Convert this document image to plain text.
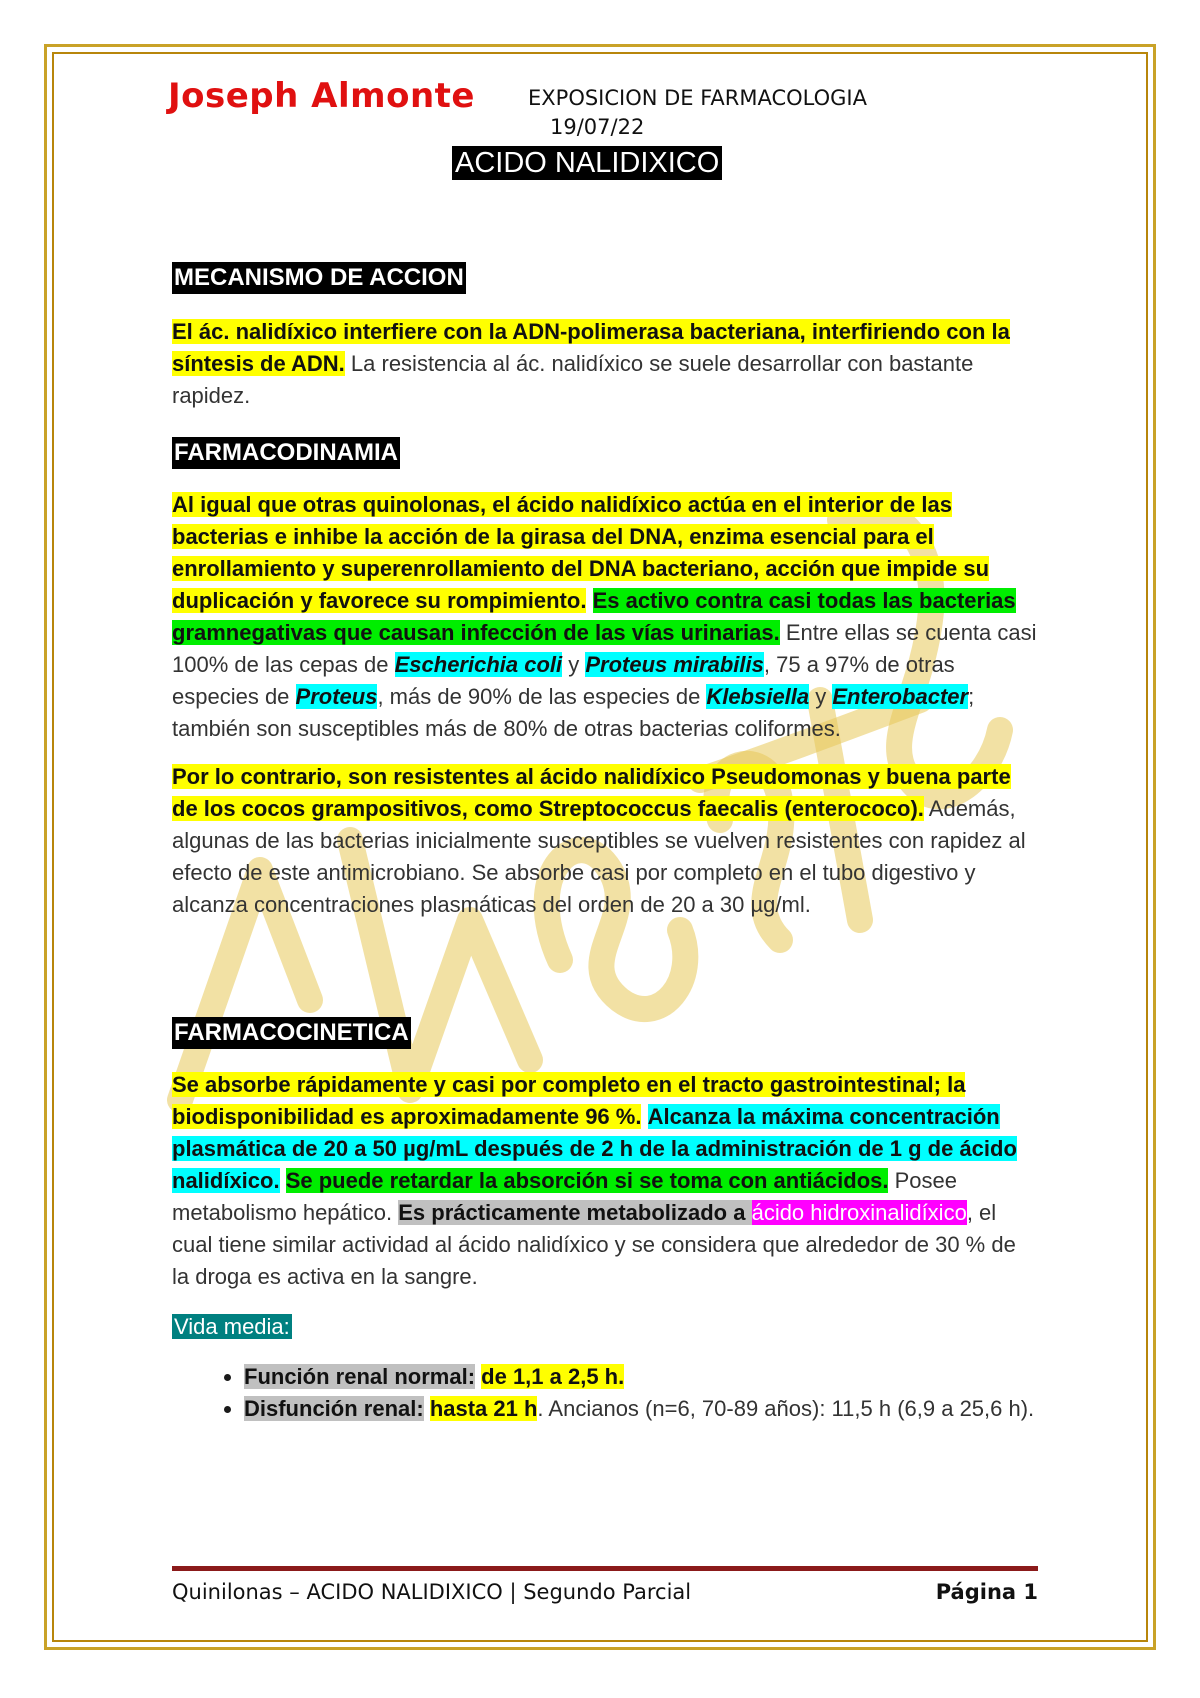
Joseph Almonte	EXPOSICION DE FARMACOLOGIA
19/07/22
ACIDO NALIDIXICO
MECANISMO DE ACCION

El ác. nalidíxico interfiere con la ADN-polimerasa bacteriana, interfiriendo con la síntesis de ADN. La resistencia al ác. nalidíxico se suele desarrollar con bastante rapidez.

FARMACODINAMIA

Al igual que otras quinolonas, el ácido nalidíxico actúa en el interior de las bacterias e inhibe la acción de la girasa del DNA, enzima esencial para el enrollamiento y superenrollamiento del DNA bacteriano, acción que impide su duplicación y favorece su rompimiento. Es activo contra casi todas las bacterias gramnegativas que causan infección de las vías urinarias. Entre ellas se cuenta casi 100% de las cepas de Escherichia coli y Proteus mirabilis, 75 a 97% de otras especies de Proteus, más de 90% de las especies de Klebsiella y Enterobacter; también son susceptibles más de 80% de otras bacterias coliformes.

Por lo contrario, son resistentes al ácido nalidíxico Pseudomonas y buena parte de los cocos grampositivos, como Streptococcus faecalis (enterococo). Además, algunas de las bacterias inicialmente susceptibles se vuelven resistentes con rapidez al efecto de este antimicrobiano. Se absorbe casi por completo en el tubo digestivo y alcanza concentraciones plasmáticas del orden de 20 a 30 µg/ml.

FARMACOCINETICA

Se absorbe rápidamente y casi por completo en el tracto gastrointestinal; la biodisponibilidad es aproximadamente 96 %. Alcanza la máxima concentración plasmática de 20 a 50 µg/mL después de 2 h de la administración de 1 g de ácido nalidíxico. Se puede retardar la absorción si se toma con antiácidos. Posee metabolismo hepático. Es prácticamente metabolizado a ácido hidroxinalidíxico, el cual tiene similar actividad al ácido nalidíxico y se considera que alrededor de 30 % de la droga es activa en la sangre.

Vida media:

• Función renal normal: de 1,1 a 2,5 h.
• Disfunción renal: hasta 21 h. Ancianos (n=6, 70-89 años): 11,5 h (6,9 a 25,6 h).
Quinilonas – ACIDO NALIDIXICO | Segundo Parcial	Página 1
